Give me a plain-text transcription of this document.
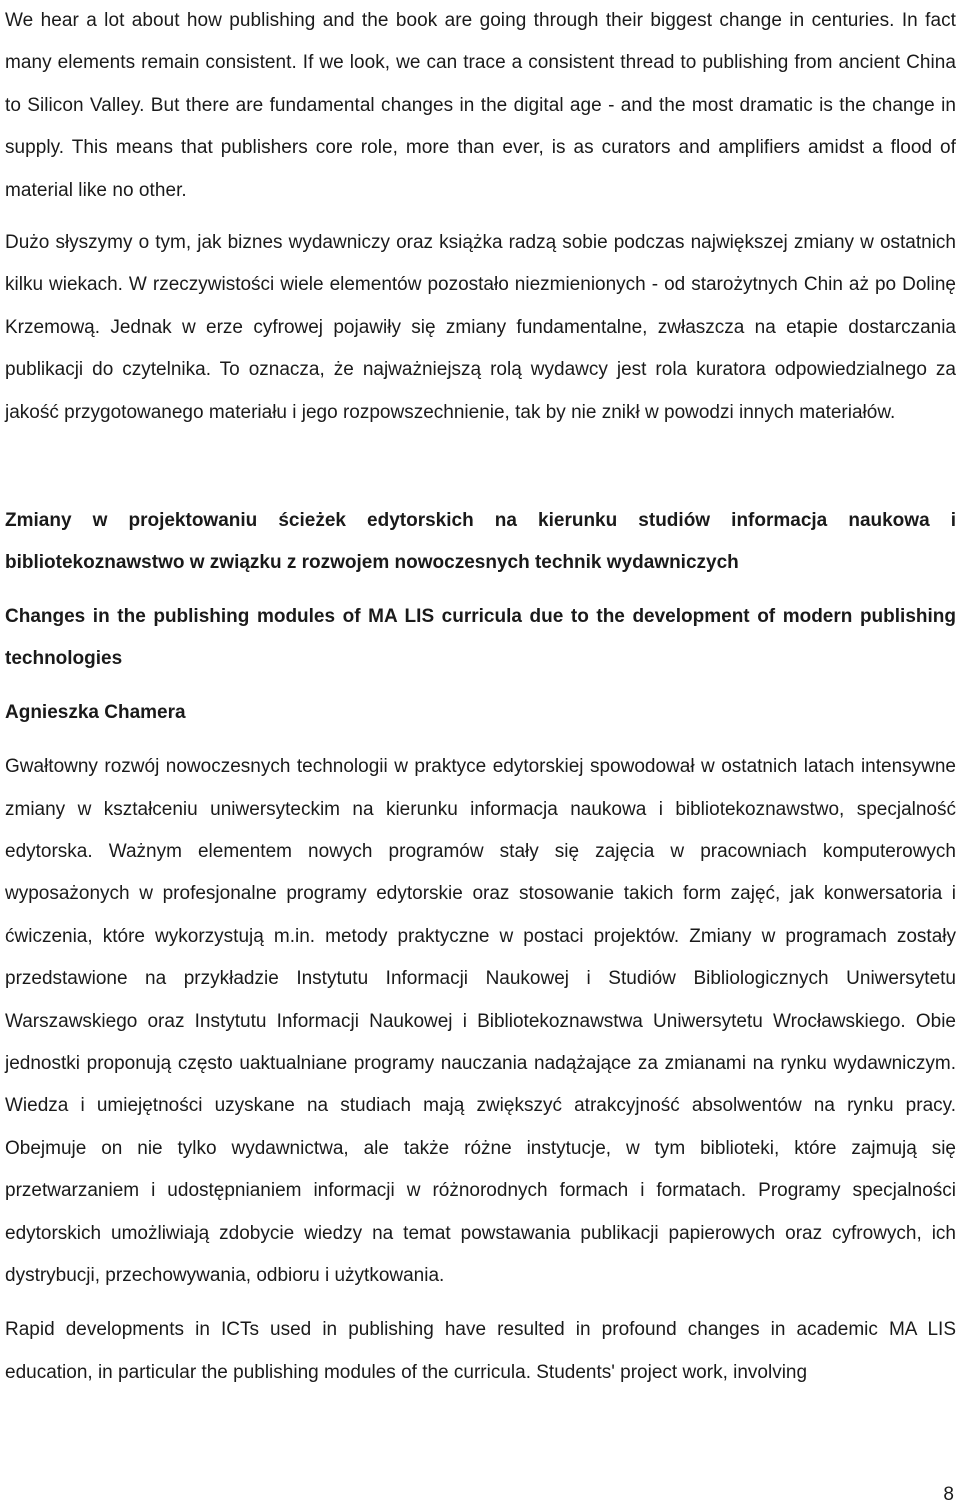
We hear a lot about how publishing and the book are going through their biggest change in centuries. In fact many elements remain consistent. If we look, we can trace a consistent thread to publishing from ancient China to Silicon Valley. But there are fundamental changes in the digital age - and the most dramatic is the change in supply. This means that publishers core role, more than ever, is as curators and amplifiers amidst a flood of material like no other.

Dużo słyszymy o tym, jak biznes wydawniczy oraz książka radzą sobie podczas największej zmiany w ostatnich kilku wiekach. W rzeczywistości wiele elementów pozostało niezmienionych - od starożytnych Chin aż po Dolinę Krzemową. Jednak w erze cyfrowej pojawiły się zmiany fundamentalne, zwłaszcza na etapie dostarczania publikacji do czytelnika. To oznacza, że najważniejszą rolą wydawcy jest rola kuratora odpowiedzialnego za jakość przygotowanego materiału i jego rozpowszechnienie, tak by nie znikł w powodzi innych materiałów.

Zmiany w projektowaniu ścieżek edytorskich na kierunku studiów informacja naukowa i bibliotekoznawstwo w związku z rozwojem nowoczesnych technik wydawniczych

Changes in the publishing modules of MA LIS curricula due to the development of modern publishing technologies

Agnieszka Chamera

Gwałtowny rozwój nowoczesnych technologii w praktyce edytorskiej spowodował w ostatnich latach intensywne zmiany w kształceniu uniwersyteckim na kierunku informacja naukowa i bibliotekoznawstwo, specjalność edytorska. Ważnym elementem nowych programów stały się zajęcia w pracowniach komputerowych wyposażonych w profesjonalne programy edytorskie oraz stosowanie takich form zajęć, jak konwersatoria i ćwiczenia, które wykorzystują m.in. metody praktyczne w postaci projektów. Zmiany w programach zostały przedstawione na przykładzie Instytutu Informacji Naukowej i Studiów Bibliologicznych Uniwersytetu Warszawskiego oraz Instytutu Informacji Naukowej i Bibliotekoznawstwa Uniwersytetu Wrocławskiego. Obie jednostki proponują często uaktualniane programy nauczania nadążające za zmianami na rynku wydawniczym. Wiedza i umiejętności uzyskane na studiach mają zwiększyć atrakcyjność absolwentów na rynku pracy. Obejmuje on nie tylko wydawnictwa, ale także różne instytucje, w tym biblioteki, które zajmują się przetwarzaniem i udostępnianiem informacji w różnorodnych formach i formatach. Programy specjalności edytorskich umożliwiają zdobycie wiedzy na temat powstawania publikacji papierowych oraz cyfrowych, ich dystrybucji, przechowywania, odbioru i użytkowania.

Rapid developments in ICTs used in publishing have resulted in profound changes in academic MA LIS education, in particular the publishing modules of the curricula. Students' project work, involving

8
